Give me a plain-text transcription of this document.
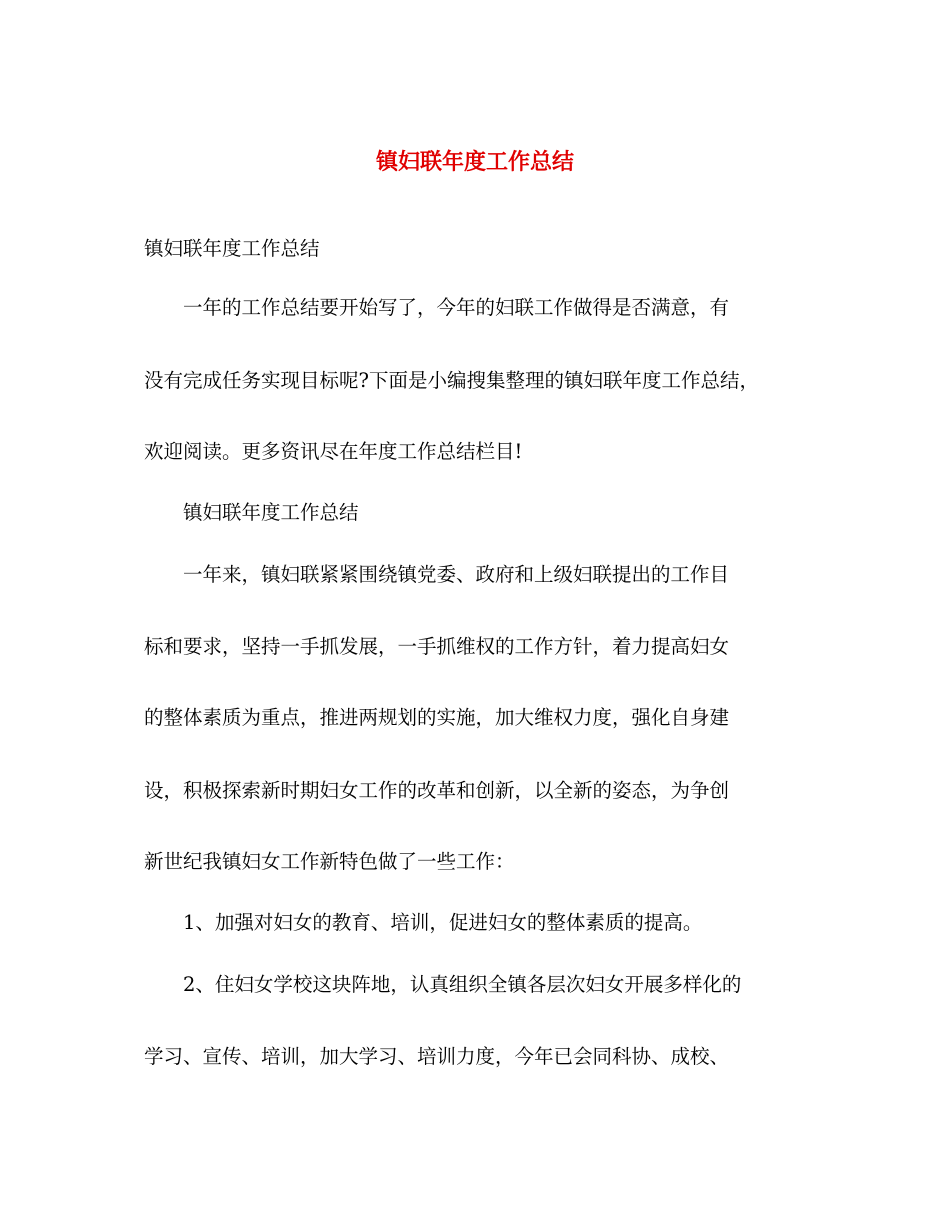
镇妇联年度工作总结
镇妇联年度工作总结
一年的工作总结要开始写了，今年的妇联工作做得是否满意，有
没有完成任务实现目标呢?下面是小编搜集整理的镇妇联年度工作总结，
欢迎阅读。更多资讯尽在年度工作总结栏目!
镇妇联年度工作总结
一年来，镇妇联紧紧围绕镇党委、政府和上级妇联提出的工作目
标和要求，坚持一手抓发展，一手抓维权的工作方针，着力提高妇女
的整体素质为重点，推进两规划的实施，加大维权力度，强化自身建
设，积极探索新时期妇女工作的改革和创新，以全新的姿态，为争创
新世纪我镇妇女工作新特色做了一些工作：
1、加强对妇女的教育、培训，促进妇女的整体素质的提高。
2、住妇女学校这块阵地，认真组织全镇各层次妇女开展多样化的
学习、宣传、培训，加大学习、培训力度，今年已会同科协、成校、
